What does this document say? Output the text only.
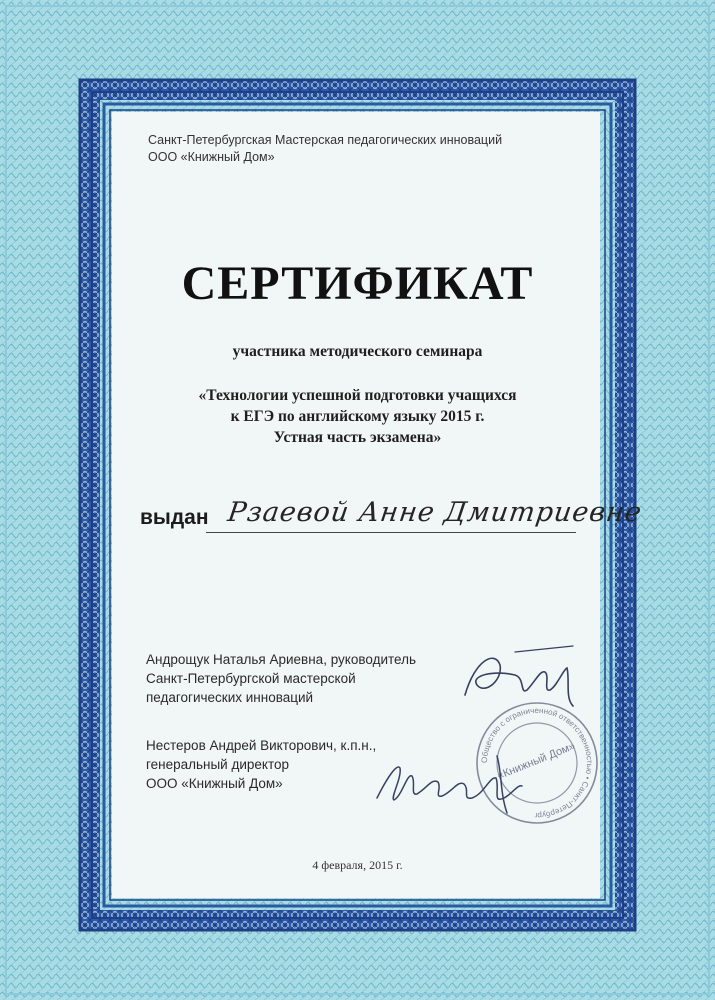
Санкт-Петербургская Мастерская педагогических инноваций
ООО «Книжный Дом»
СЕРТИФИКАТ
участника методического семинара
«Технологии успешной подготовки учащихся
к ЕГЭ по английскому языку 2015 г.
Устная часть экзамена»
выдан Рзаевой Анне Дмитриевне
Андрощук Наталья Ариевна, руководитель
Санкт-Петербургской мастерской
педагогических инноваций
Нестеров Андрей Викторович, к.п.н.,
генеральный директор
ООО «Книжный Дом»
Общество с ограниченной ответственностью • Санкт-Петербург
«Книжный Дом»
4 февраля, 2015 г.
